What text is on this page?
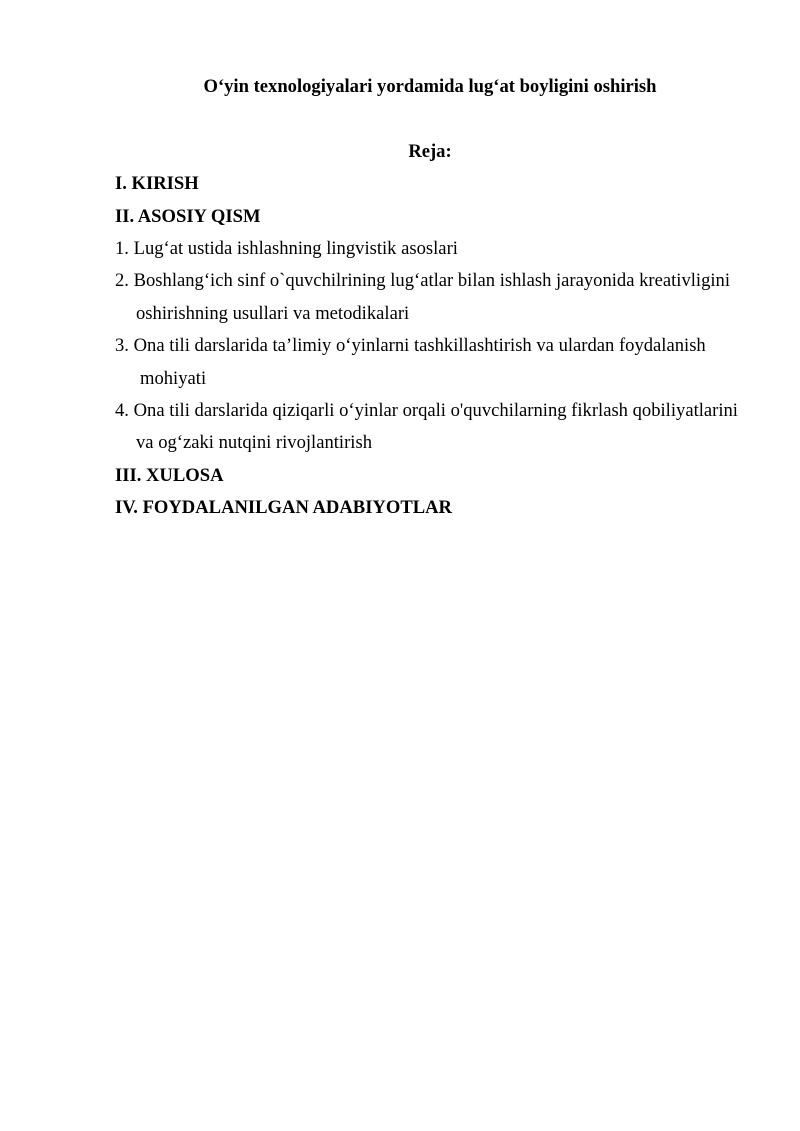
O‘yin texnologiyalari yordamida lug‘at boyligini oshirish
Reja:
I. KIRISH
II. ASOSIY QISM
1. Lug‘at ustida ishlashning lingvistik asoslari
2. Boshlang‘ich sinf o`quvchilrining lug‘atlar bilan ishlash jarayonida kreativligini
oshirishning usullari va metodikalari
3. Ona tili darslarida ta’limiy o‘yinlarni tashkillashtirish va ulardan foydalanish
mohiyati
4. Ona tili darslarida qiziqarli o‘yinlar orqali o'quvchilarning fikrlash qobiliyatlarini
va og‘zaki nutqini rivojlantirish
III. XULOSA
IV. FOYDALANILGAN ADABIYOTLAR
